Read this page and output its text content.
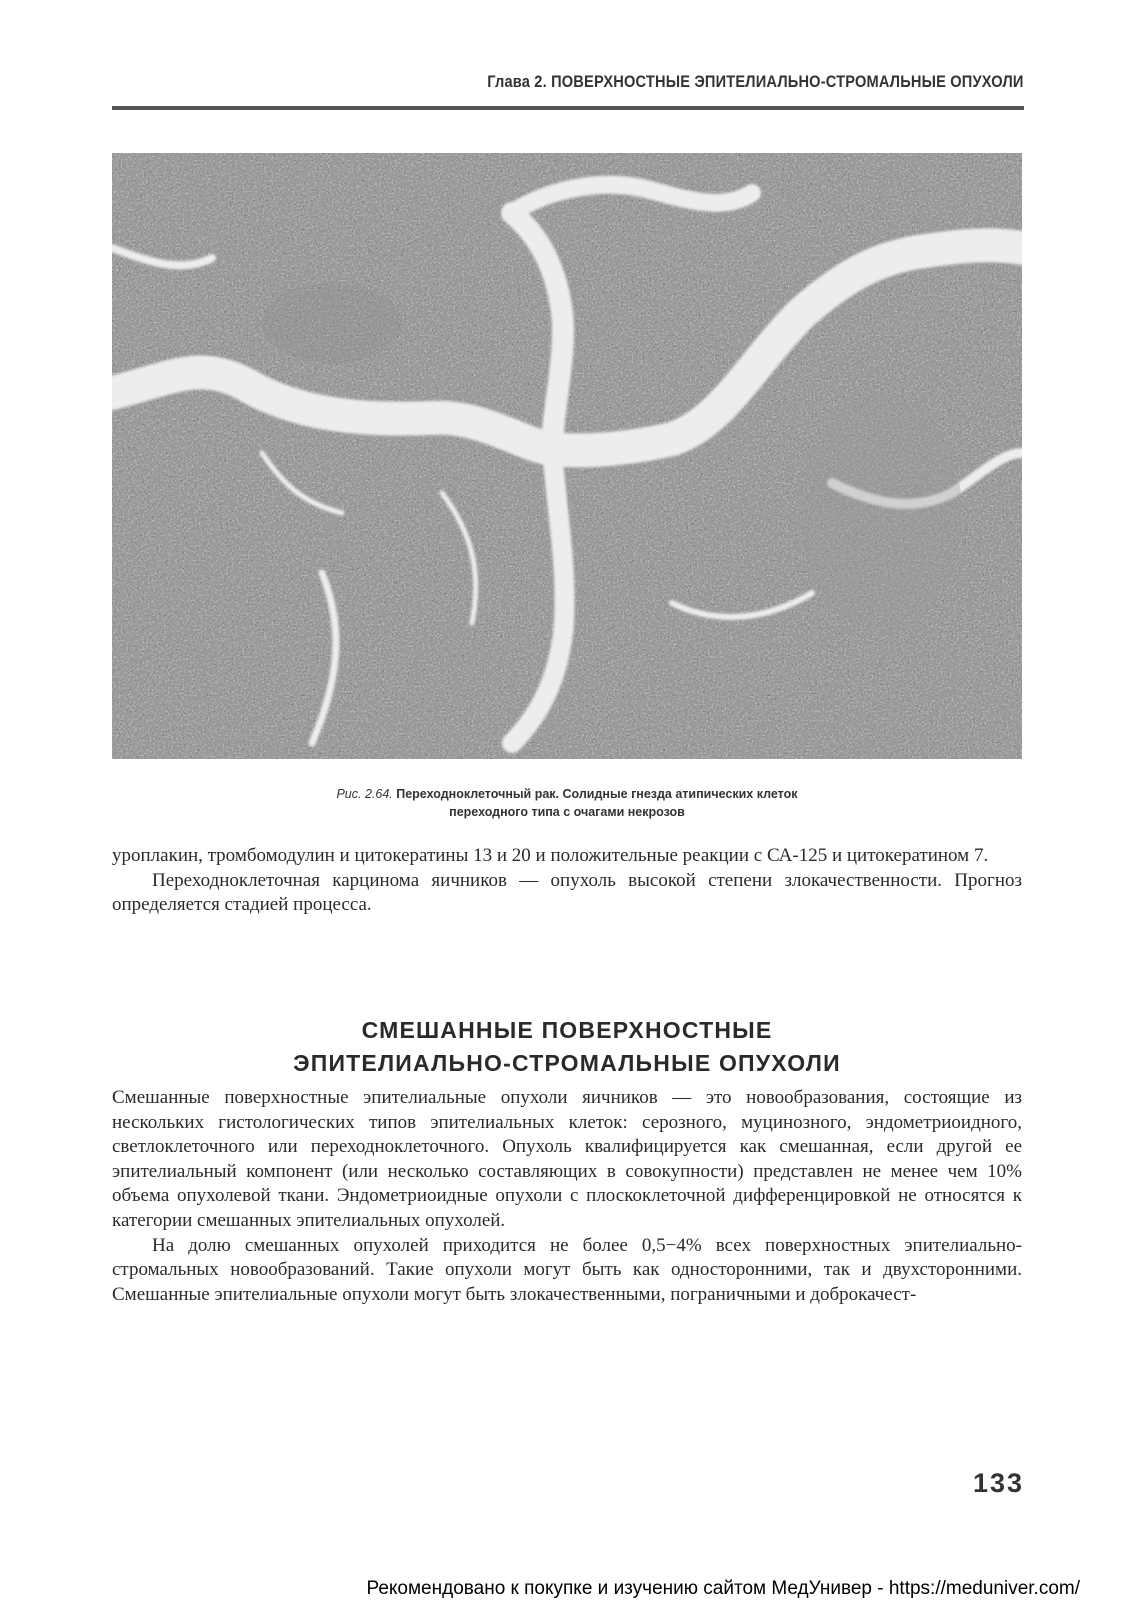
Глава 2. ПОВЕРХНОСТНЫЕ ЭПИТЕЛИАЛЬНО-СТРОМАЛЬНЫЕ ОПУХОЛИ
Рис. 2.64. Переходноклеточный рак. Солидные гнезда атипических клеток
переходного типа с очагами некрозов

уроплакин, тромбомодулин и цитокератины 13 и 20 и положительные реакции с СА-125 и цитокератином 7.

Переходноклеточная карцинома яичников — опухоль высокой степени злокачественности. Прогноз определяется стадией процесса.

СМЕШАННЫЕ ПОВЕРХНОСТНЫЕ
ЭПИТЕЛИАЛЬНО-СТРОМАЛЬНЫЕ ОПУХОЛИ

Смешанные поверхностные эпителиальные опухоли яичников — это новообразования, состоящие из нескольких гистологических типов эпителиальных клеток: серозного, муцинозного, эндометриоидного, светлоклеточного или переходноклеточного. Опухоль квалифицируется как смешанная, если другой ее эпителиальный компонент (или несколько составляющих в совокупности) представлен не менее чем 10% объема опухолевой ткани. Эндометриоидные опухоли с плоскоклеточной дифференцировкой не относятся к категории смешанных эпителиальных опухолей.

На долю смешанных опухолей приходится не более 0,5−4% всех поверхностных эпителиально-стромальных новообразований. Такие опухоли могут быть как односторонними, так и двухсторонними. Смешанные эпителиальные опухоли могут быть злокачественными, пограничными и доброкачест-

133
Рекомендовано к покупке и изучению сайтом МедУнивер - https://meduniver.com/
